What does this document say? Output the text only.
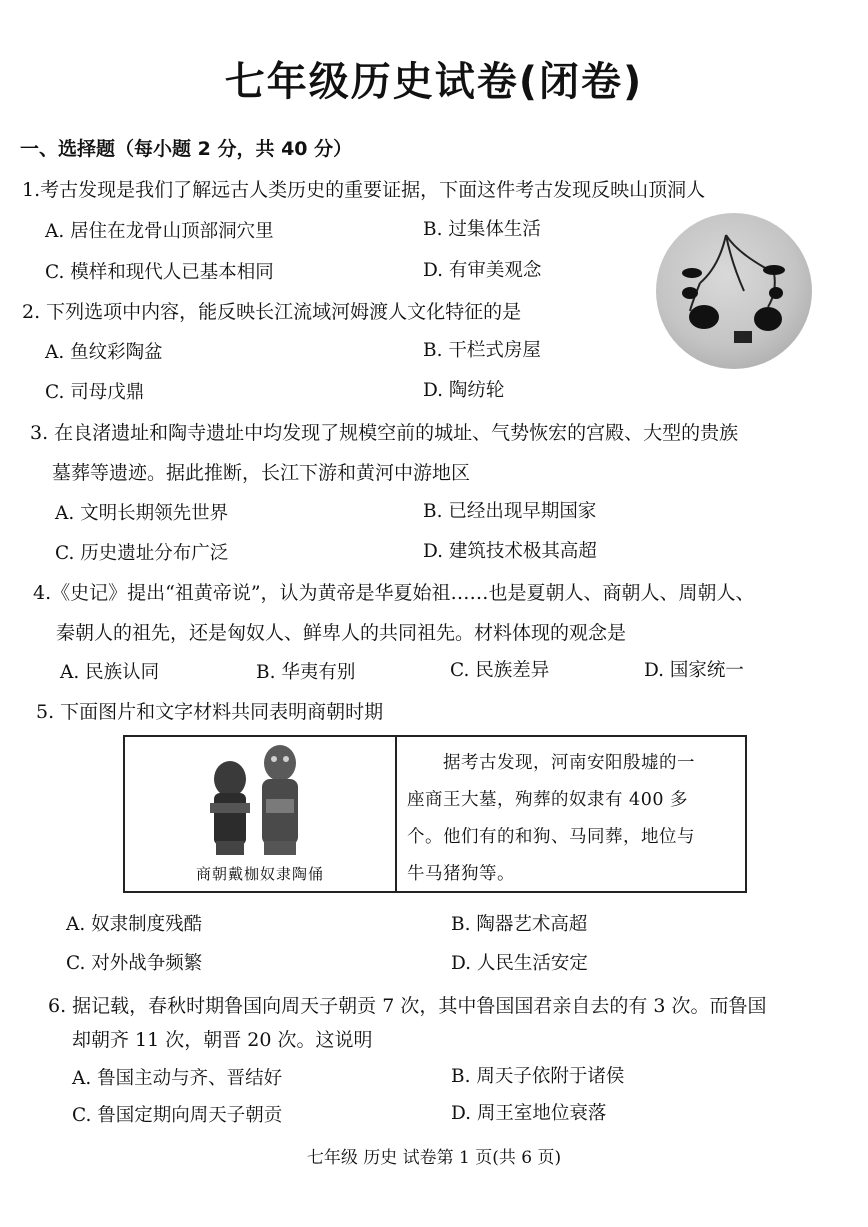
七年级历史试卷(闭卷)
一、选择题（每小题 2 分，共 40 分）
1.考古发现是我们了解远古人类历史的重要证据，下面这件考古发现反映山顶洞人
A. 居住在龙骨山顶部洞穴里	B. 过集体生活
C. 模样和现代人已基本相同	D. 有审美观念
2. 下列选项中内容，能反映长江流域河姆渡人文化特征的是
A. 鱼纹彩陶盆	B. 干栏式房屋
C. 司母戊鼎	D. 陶纺轮
3. 在良渚遗址和陶寺遗址中均发现了规模空前的城址、气势恢宏的宫殿、大型的贵族
墓葬等遗迹。据此推断，长江下游和黄河中游地区
A. 文明长期领先世界	B. 已经出现早期国家
C. 历史遗址分布广泛	D. 建筑技术极其高超
4.《史记》提出“祖黄帝说”，认为黄帝是华夏始祖……也是夏朝人、商朝人、周朝人、
秦朝人的祖先，还是匈奴人、鲜卑人的共同祖先。材料体现的观念是
A. 民族认同	B. 华夷有别	C. 民族差异	D. 国家统一
5. 下面图片和文字材料共同表明商朝时期
商朝戴枷奴隶陶俑
据考古发现，河南安阳殷墟的一
座商王大墓，殉葬的奴隶有 400 多
个。他们有的和狗、马同葬，地位与
牛马猪狗等。
A. 奴隶制度残酷	B. 陶器艺术高超
C. 对外战争频繁	D. 人民生活安定
6. 据记载，春秋时期鲁国向周天子朝贡 7 次，其中鲁国国君亲自去的有 3 次。而鲁国
却朝齐 11 次，朝晋 20 次。这说明
A. 鲁国主动与齐、晋结好	B. 周天子依附于诸侯
C. 鲁国定期向周天子朝贡	D. 周王室地位衰落
七年级 历史 试卷第 1 页(共 6 页)
